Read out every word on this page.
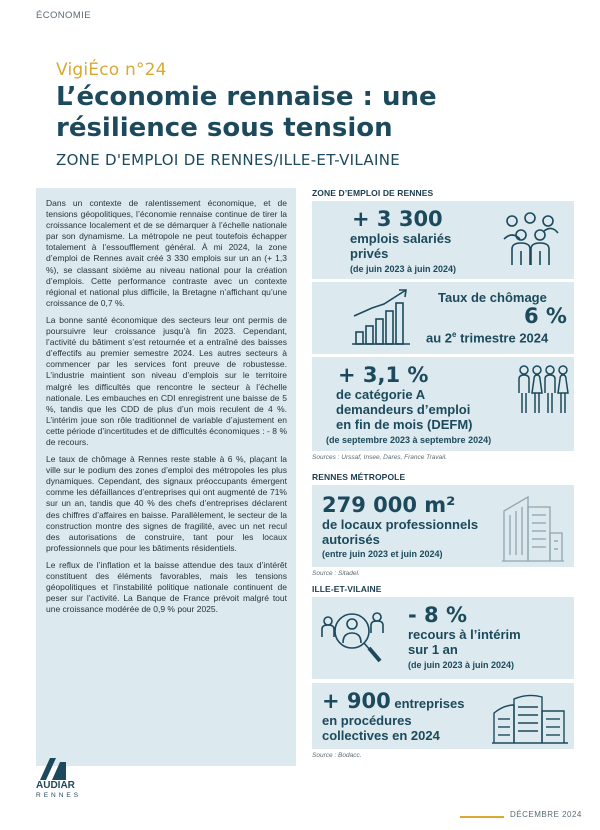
ÉCONOMIE
VigiÉco n°24
L’économie rennaise : une résilience sous tension
ZONE D'EMPLOI DE RENNES/ILLE-ET-VILAINE

Dans un contexte de ralentissement économique, et de tensions géopolitiques, l’économie rennaise continue de tirer la croissance localement et de se démarquer à l’échelle nationale par son dynamisme. La métropole ne peut toutefois échapper totalement à l’essoufflement général. À mi 2024, la zone d’emploi de Rennes avait créé 3 330 emplois sur un an (+ 1,3 %), se classant sixième au niveau national pour la création d’emplois. Cette performance contraste avec un contexte régional et national plus difficile, la Bretagne n’affichant qu’une croissance de 0,7 %.

La bonne santé économique des secteurs leur ont permis de poursuivre leur croissance jusqu’à fin 2023. Cependant, l’activité du bâtiment s’est retournée et a entraîné des baisses d’effectifs au premier semestre 2024. Les autres secteurs à commencer par les services font preuve de robustesse. L’industrie maintient son niveau d’emplois sur le territoire malgré les difficultés que rencontre le secteur à l’échelle nationale. Les embauches en CDI enregistrent une baisse de 5 %, tandis que les CDD de plus d’un mois reculent de 4 %. L’intérim joue son rôle traditionnel de variable d’ajustement en cette période d’incertitudes et de difficultés économiques : - 8 % de recours.

Le taux de chômage à Rennes reste stable à 6 %, plaçant la ville sur le podium des zones d’emploi des métropoles les plus dynamiques. Cependant, des signaux préoccupants émergent comme les défaillances d’entreprises qui ont augmenté de 71% sur un an, tandis que 40 % des chefs d’entreprises déclarent des chiffres d’affaires en baisse. Parallèlement, le secteur de la construction montre des signes de fragilité, avec un net recul des autorisations de construire, tant pour les locaux professionnels que pour les bâtiments résidentiels.

Le reflux de l’inflation et la baisse attendue des taux d’intérêt constituent des éléments favorables, mais les tensions géopolitiques et l’instabilité politique nationale continuent de peser sur l’activité. La Banque de France prévoit malgré tout une croissance modérée de 0,9 % pour 2025.

ZONE D’EMPLOI DE RENNES
+ 3 300
emplois salariés
privés
(de juin 2023 à juin 2024)
Taux de chômage
6 %
au 2e trimestre 2024
+ 3,1 %
de catégorie A
demandeurs d’emploi
en fin de mois (DEFM)
(de septembre 2023 à septembre 2024)
Sources : Urssaf, Insee, Dares, France Travail.
RENNES MÉTROPOLE
279 000 m²
de locaux professionnels
autorisés
(entre juin 2023 et juin 2024)
Source : Sitadel.
ILLE-ET-VILAINE
- 8 %
recours à l’intérim
sur 1 an
(de juin 2023 à juin 2024)
+ 900 entreprises
en procédures
collectives en 2024
Source : Bodacc.
AUDIAR
RENNES
DÉCEMBRE 2024
